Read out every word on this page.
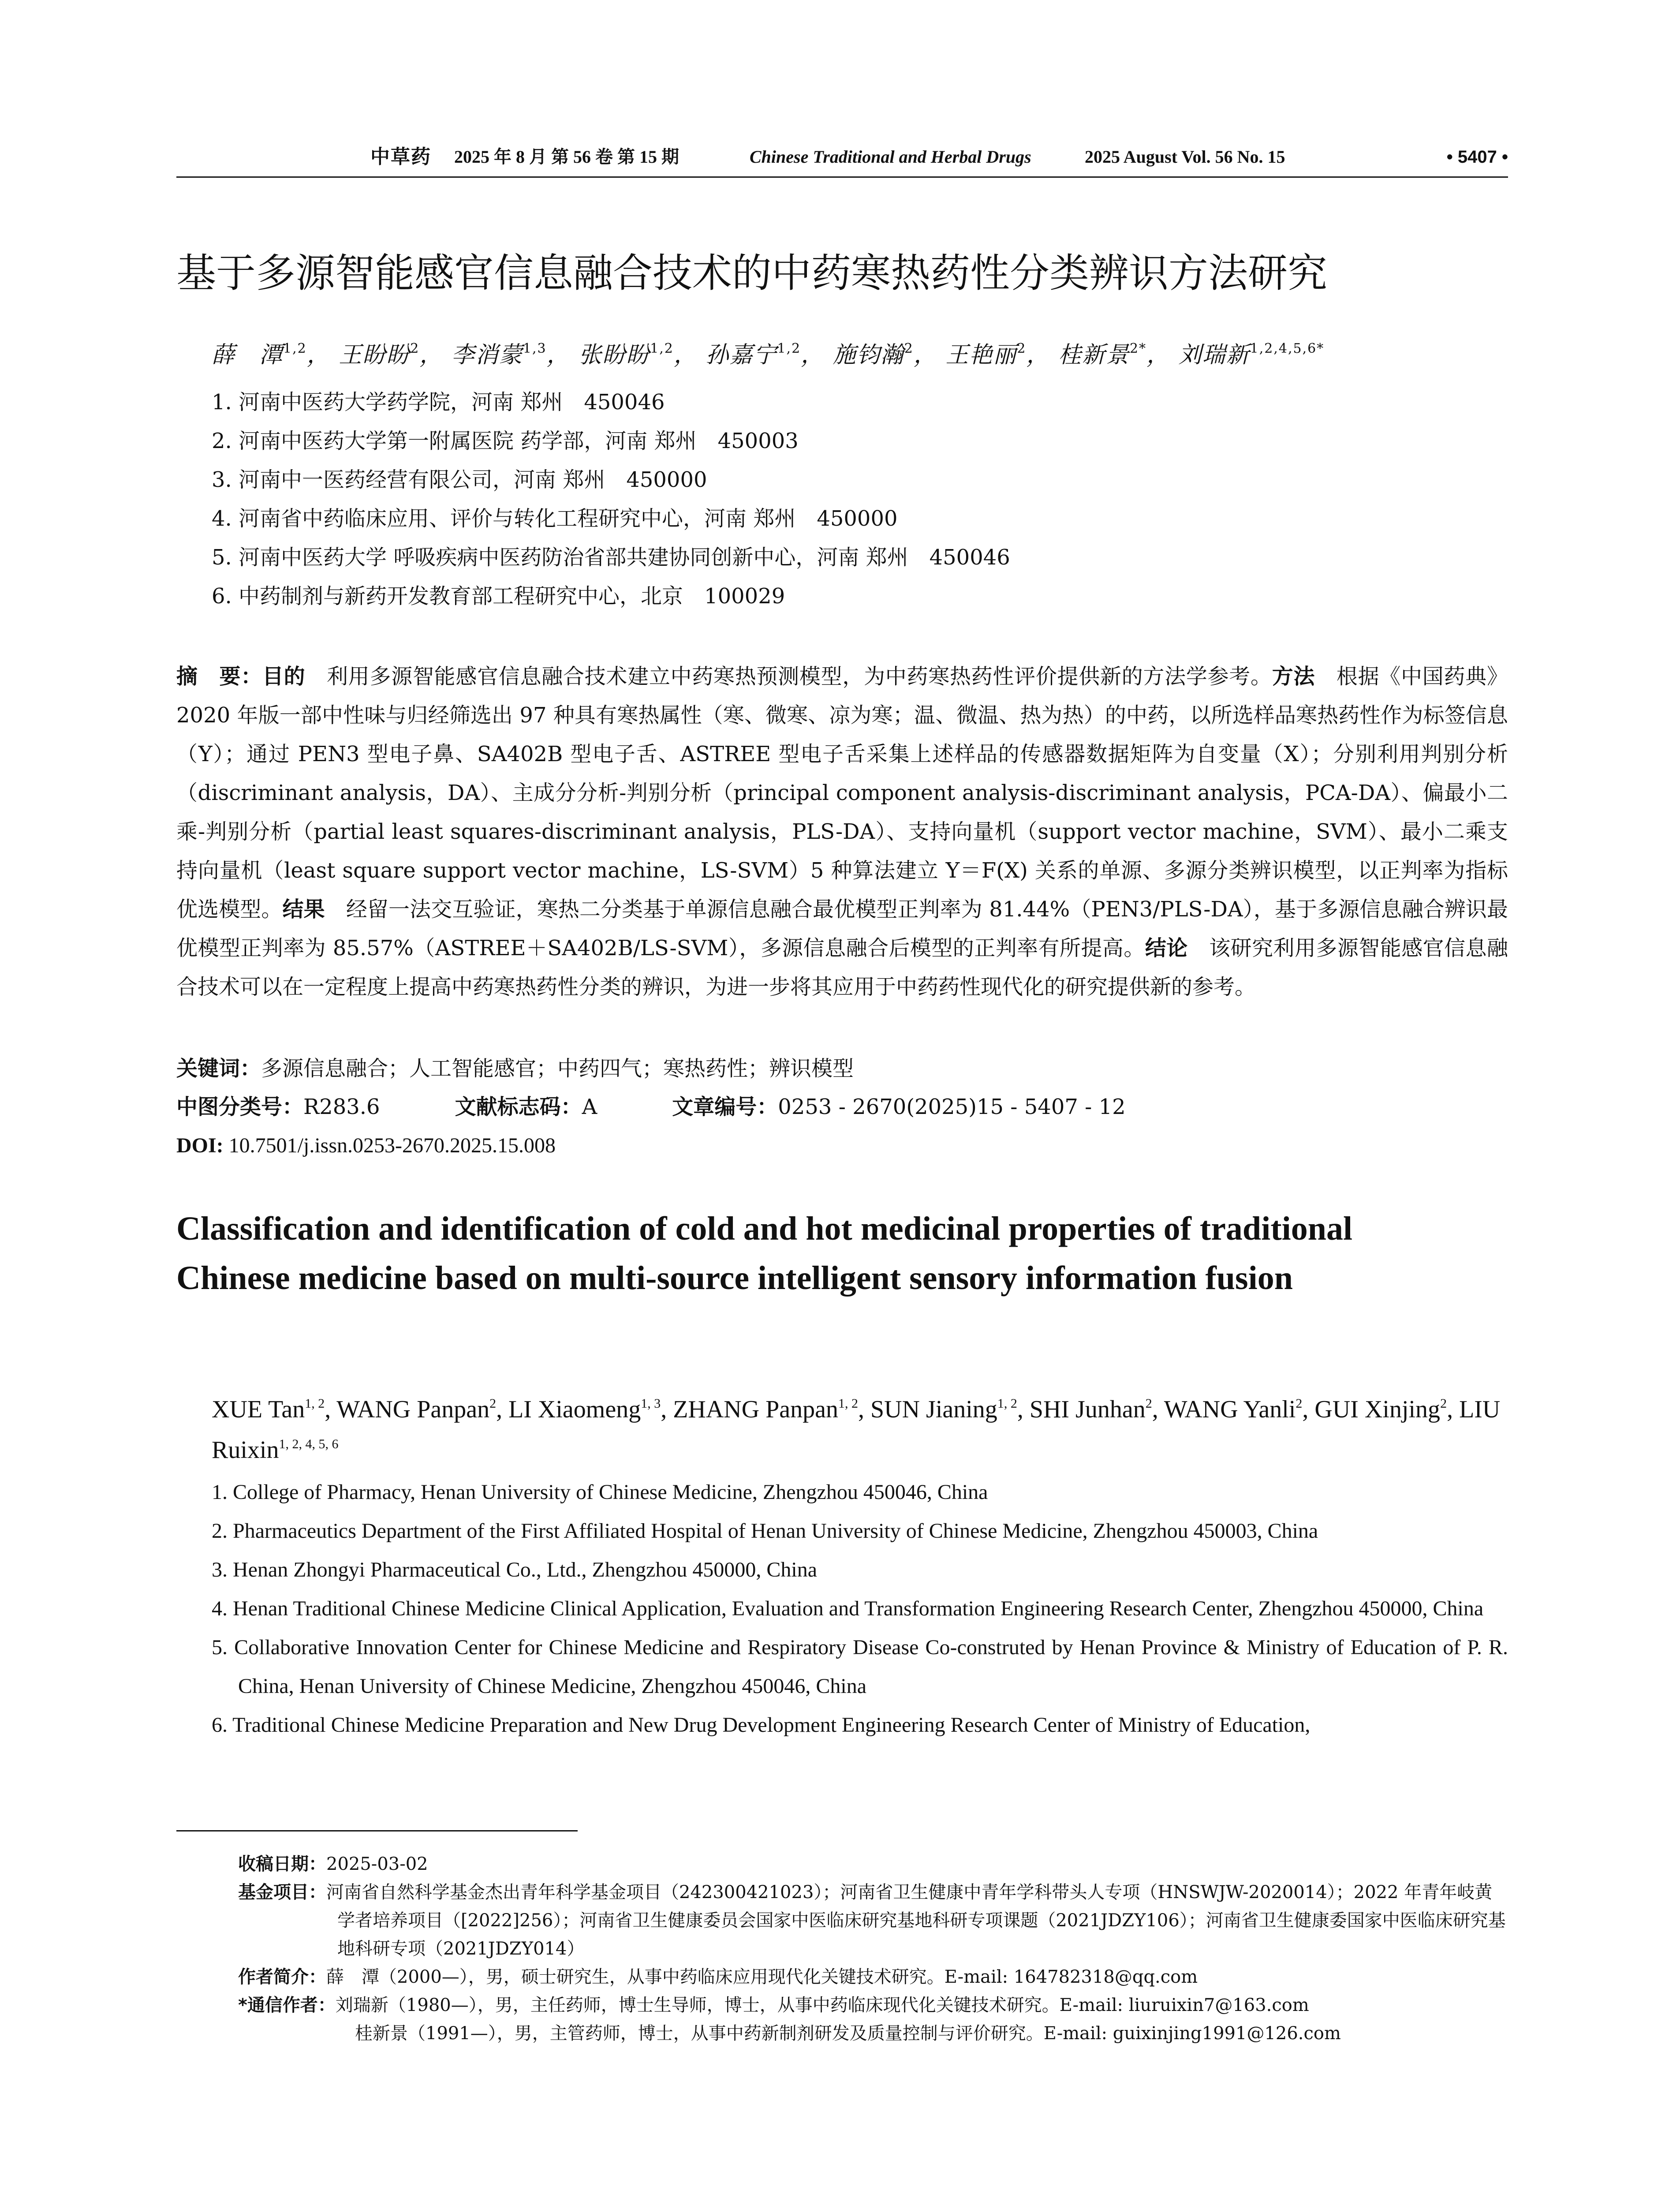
中草药 2025 年 8 月 第 56 卷 第 15 期	Chinese Traditional and Herbal Drugs	2025 August Vol. 56 No. 15	• 5407 •
基于多源智能感官信息融合技术的中药寒热药性分类辨识方法研究
薛　潭$^{1,2}$， 王盼盼$^2$， 李消蒙$^{1,3}$， 张盼盼$^{1,2}$， 孙嘉宁$^{1,2}$， 施钧瀚$^2$， 王艳丽$^2$， 桂新景$^{2*}$， 刘瑞新$^{1,2,4,5,6*}$
1. 河南中医药大学药学院，河南 郑州　450046
2. 河南中医药大学第一附属医院 药学部，河南 郑州　450003
3. 河南中一医药经营有限公司，河南 郑州　450000
4. 河南省中药临床应用、评价与转化工程研究中心，河南 郑州　450000
5. 河南中医药大学 呼吸疾病中医药防治省部共建协同创新中心，河南 郑州　450046
6. 中药制剂与新药开发教育部工程研究中心，北京　100029
摘　要：目的　利用多源智能感官信息融合技术建立中药寒热预测模型，为中药寒热药性评价提供新的方法学参考。方法　根据《中国药典》2020 年版一部中性味与归经筛选出 97 种具有寒热属性（寒、微寒、凉为寒；温、微温、热为热）的中药，以所选样品寒热药性作为标签信息（Y）；通过 PEN3 型电子鼻、SA402B 型电子舌、ASTREE 型电子舌采集上述样品的传感器数据矩阵为自变量（X）；分别利用判别分析（discriminant analysis，DA）、主成分分析-判别分析（principal component analysis-discriminant analysis，PCA-DA）、偏最小二乘-判别分析（partial least squares-discriminant analysis，PLS-DA）、支持向量机（support vector machine，SVM）、最小二乘支持向量机（least square support vector machine，LS-SVM）5 种算法建立 Y＝F(X) 关系的单源、多源分类辨识模型，以正判率为指标优选模型。结果　经留一法交互验证，寒热二分类基于单源信息融合最优模型正判率为 81.44%（PEN3/PLS-DA），基于多源信息融合辨识最优模型正判率为 85.57%（ASTREE＋SA402B/LS-SVM），多源信息融合后模型的正判率有所提高。结论　该研究利用多源智能感官信息融合技术可以在一定程度上提高中药寒热药性分类的辨识，为进一步将其应用于中药药性现代化的研究提供新的参考。
关键词：多源信息融合；人工智能感官；中药四气；寒热药性；辨识模型
中图分类号：R283.6	文献标志码：A	文章编号：0253 - 2670(2025)15 - 5407 - 12
DOI: 10.7501/j.issn.0253-2670.2025.15.008
Classification and identification of cold and hot medicinal properties of traditional Chinese medicine based on multi-source intelligent sensory information fusion
XUE Tan$^{1, 2}$, WANG Panpan$^2$, LI Xiaomeng$^{1, 3}$, ZHANG Panpan$^{1, 2}$, SUN Jianing$^{1, 2}$, SHI Junhan$^2$, WANG Yanli$^2$, GUI Xinjing$^2$, LIU Ruixin$^{1, 2, 4, 5, 6}$
1. College of Pharmacy, Henan University of Chinese Medicine, Zhengzhou 450046, China
2. Pharmaceutics Department of the First Affiliated Hospital of Henan University of Chinese Medicine, Zhengzhou 450003, China
3. Henan Zhongyi Pharmaceutical Co., Ltd., Zhengzhou 450000, China
4. Henan Traditional Chinese Medicine Clinical Application, Evaluation and Transformation Engineering Research Center, Zhengzhou 450000, China
5. Collaborative Innovation Center for Chinese Medicine and Respiratory Disease Co-construted by Henan Province & Ministry of Education of P. R. China, Henan University of Chinese Medicine, Zhengzhou 450046, China
6. Traditional Chinese Medicine Preparation and New Drug Development Engineering Research Center of Ministry of Education,
收稿日期：2025-03-02
基金项目：河南省自然科学基金杰出青年科学基金项目（242300421023）；河南省卫生健康中青年学科带头人专项（HNSWJW-2020014）；2022 年青年岐黄学者培养项目（[2022]256）；河南省卫生健康委员会国家中医临床研究基地科研专项课题（2021JDZY106）；河南省卫生健康委国家中医临床研究基地科研专项（2021JDZY014）
作者简介：薛　潭（2000—），男，硕士研究生，从事中药临床应用现代化关键技术研究。E-mail: 164782318@qq.com
*通信作者：刘瑞新（1980—），男，主任药师，博士生导师，博士，从事中药临床现代化关键技术研究。E-mail: liuruixin7@163.com
桂新景（1991—），男，主管药师，博士，从事中药新制剂研发及质量控制与评价研究。E-mail: guixinjing1991@126.com
